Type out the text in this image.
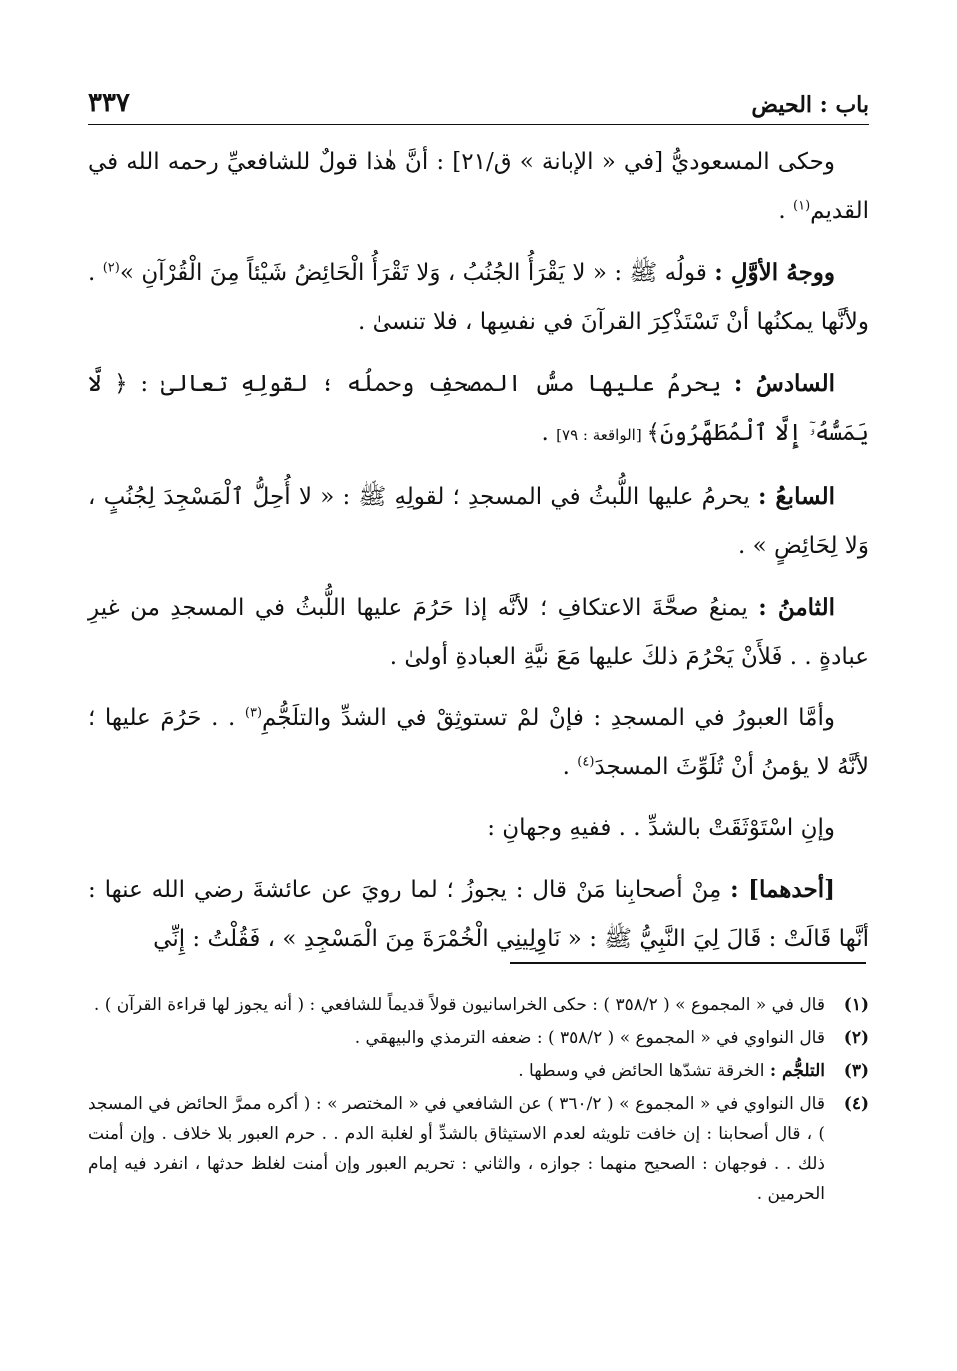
باب : الحيض
٣٣٧

وحكى المسعوديُّ [في « الإبانة » ق/٢١] : أنَّ هٰذا قولٌ للشافعيِّ رحمه الله في القديم$^{(١)}$ .

ووجهُ الأوَّلِ : قولُه ﷺ : « لا يَقْرَأُ الجُنُبُ ، وَلا تَقْرَأُ الْحَائِضُ شَيْئاً مِنَ الْقُرْآنِ »$^{(٢)}$ . ولأنَّها يمكنُها أنْ تَسْتَذْكِرَ القرآنَ في نفسِها ، فلا تنسىٰ .

السادسُ : يحرمُ عليها مسُّ المصحفِ وحملُه ؛ لقولِهِ تعالىٰ : ﴿ لَّا يَمَسُّهُۥٓ إِلَّا ٱلْمُطَهَّرُونَ﴾ [الواقعة : ٧٩] .

السابعُ : يحرمُ عليها اللُّبثُ في المسجدِ ؛ لقولِهِ ﷺ : « لا أُحِلُّ ٱلْمَسْجِدَ لِجُنُبٍ ، وَلا لِحَائِضٍ » .

الثامنُ : يمنعُ صحَّةَ الاعتكافِ ؛ لأنَّه إذا حَرُمَ عليها اللُّبثُ في المسجدِ من غيرِ عبادةٍ . . فَلأَنْ يَحْرُمَ ذلكَ عليها مَعَ نيَّةِ العبادةِ أولىٰ .

وأمَّا العبورُ في المسجدِ : فإنْ لمْ تستوثِقْ في الشدِّ والتلَجُّمِ$^{(٣)}$ . . حَرُمَ عليها ؛ لأنَّهُ لا يؤمنُ أنْ تُلَوِّثَ المسجدَ$^{(٤)}$ .

وإنِ اسْتَوْثَقَتْ بالشدِّ . . ففيهِ وجهانِ :

[أحدهما] : مِنْ أصحابِنا مَنْ قال : يجوزُ ؛ لما رويَ عن عائشةَ رضي الله عنها : أنَّها قَالَتْ : قَالَ لِيَ النَّبِيُّ ﷺ : « نَاوِلِينِي الْخُمْرَةَ مِنَ الْمَسْجِدِ » ، فَقُلْتُ : إِنِّي

(١)
قال في « المجموع » ( ٣٥٨/٢ ) : حكى الخراسانيون قولاً قديماً للشافعي : ( أنه يجوز لها قراءة القرآن ) .
(٢)
قال النواوي في « المجموع » ( ٣٥٨/٢ ) : ضعفه الترمذي والبيهقي .
(٣)
التلجُّم : الخرقة تشدّها الحائض في وسطها .
(٤)
قال النواوي في « المجموع » ( ٣٦٠/٢ ) عن الشافعي في « المختصر » : ( أكره ممرَّ الحائض في المسجد ) ، قال أصحابنا : إن خافت تلويثه لعدم الاستيثاق بالشدِّ أو لغلبة الدم . . حرم العبور بلا خلاف . وإن أمنت ذلك . . فوجهان : الصحيح منهما : جوازه ، والثاني : تحريم العبور وإن أمنت لغلظ حدثها ، انفرد فيه إمام الحرمين .
